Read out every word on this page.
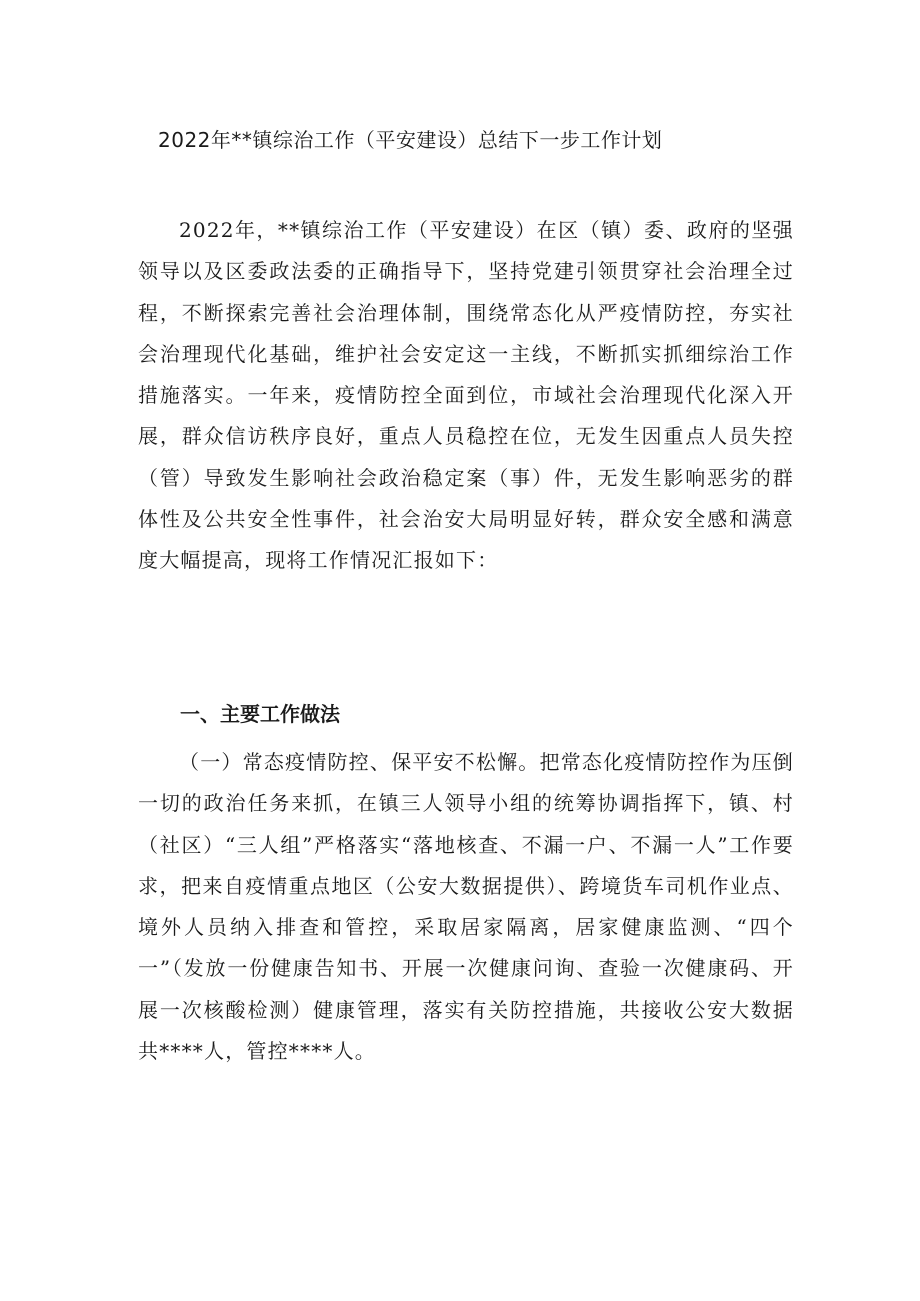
2022年**镇综治工作（平安建设）总结下一步工作计划

2022年，**镇综治工作（平安建设）在区（镇）委、政府的坚强领导以及区委政法委的正确指导下，坚持党建引领贯穿社会治理全过程，不断探索完善社会治理体制，围绕常态化从严疫情防控，夯实社会治理现代化基础，维护社会安定这一主线，不断抓实抓细综治工作措施落实。一年来，疫情防控全面到位，市域社会治理现代化深入开展，群众信访秩序良好，重点人员稳控在位，无发生因重点人员失控（管）导致发生影响社会政治稳定案（事）件，无发生影响恶劣的群体性及公共安全性事件，社会治安大局明显好转，群众安全感和满意度大幅提高，现将工作情况汇报如下：

一、主要工作做法

（一）常态疫情防控、保平安不松懈。把常态化疫情防控作为压倒一切的政治任务来抓，在镇三人领导小组的统筹协调指挥下，镇、村（社区）“三人组”严格落实“落地核查、不漏一户、不漏一人”工作要求，把来自疫情重点地区（公安大数据提供）、跨境货车司机作业点、境外人员纳入排查和管控，采取居家隔离，居家健康监测、“四个一”（发放一份健康告知书、开展一次健康问询、查验一次健康码、开展一次核酸检测）健康管理，落实有关防控措施，共接收公安大数据共****人，管控****人。
